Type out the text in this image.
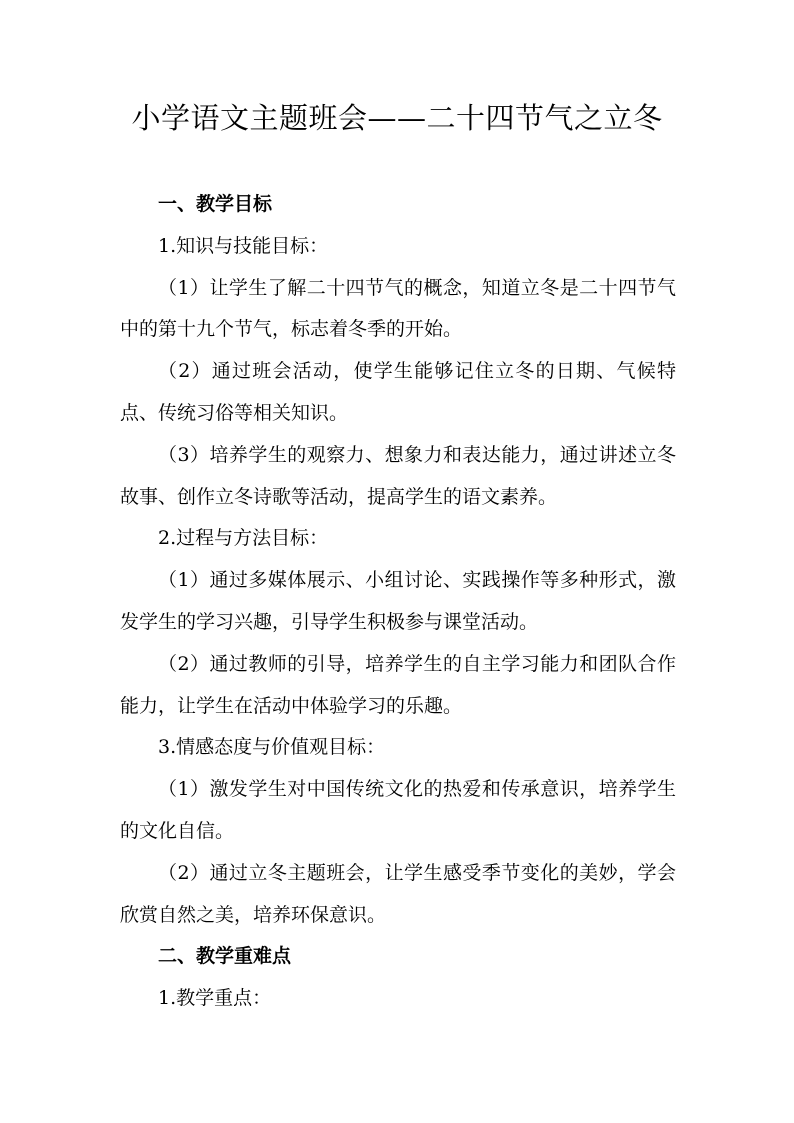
小学语文主题班会——二十四节气之立冬

一、教学目标

1.知识与技能目标：

（1）让学生了解二十四节气的概念，知道立冬是二十四节气中的第十九个节气，标志着冬季的开始。

（2）通过班会活动，使学生能够记住立冬的日期、气候特点、传统习俗等相关知识。

（3）培养学生的观察力、想象力和表达能力，通过讲述立冬故事、创作立冬诗歌等活动，提高学生的语文素养。

2.过程与方法目标：

（1）通过多媒体展示、小组讨论、实践操作等多种形式，激发学生的学习兴趣，引导学生积极参与课堂活动。

（2）通过教师的引导，培养学生的自主学习能力和团队合作能力，让学生在活动中体验学习的乐趣。

3.情感态度与价值观目标：

（1）激发学生对中国传统文化的热爱和传承意识，培养学生的文化自信。

（2）通过立冬主题班会，让学生感受季节变化的美妙，学会欣赏自然之美，培养环保意识。

二、教学重难点

1.教学重点：
